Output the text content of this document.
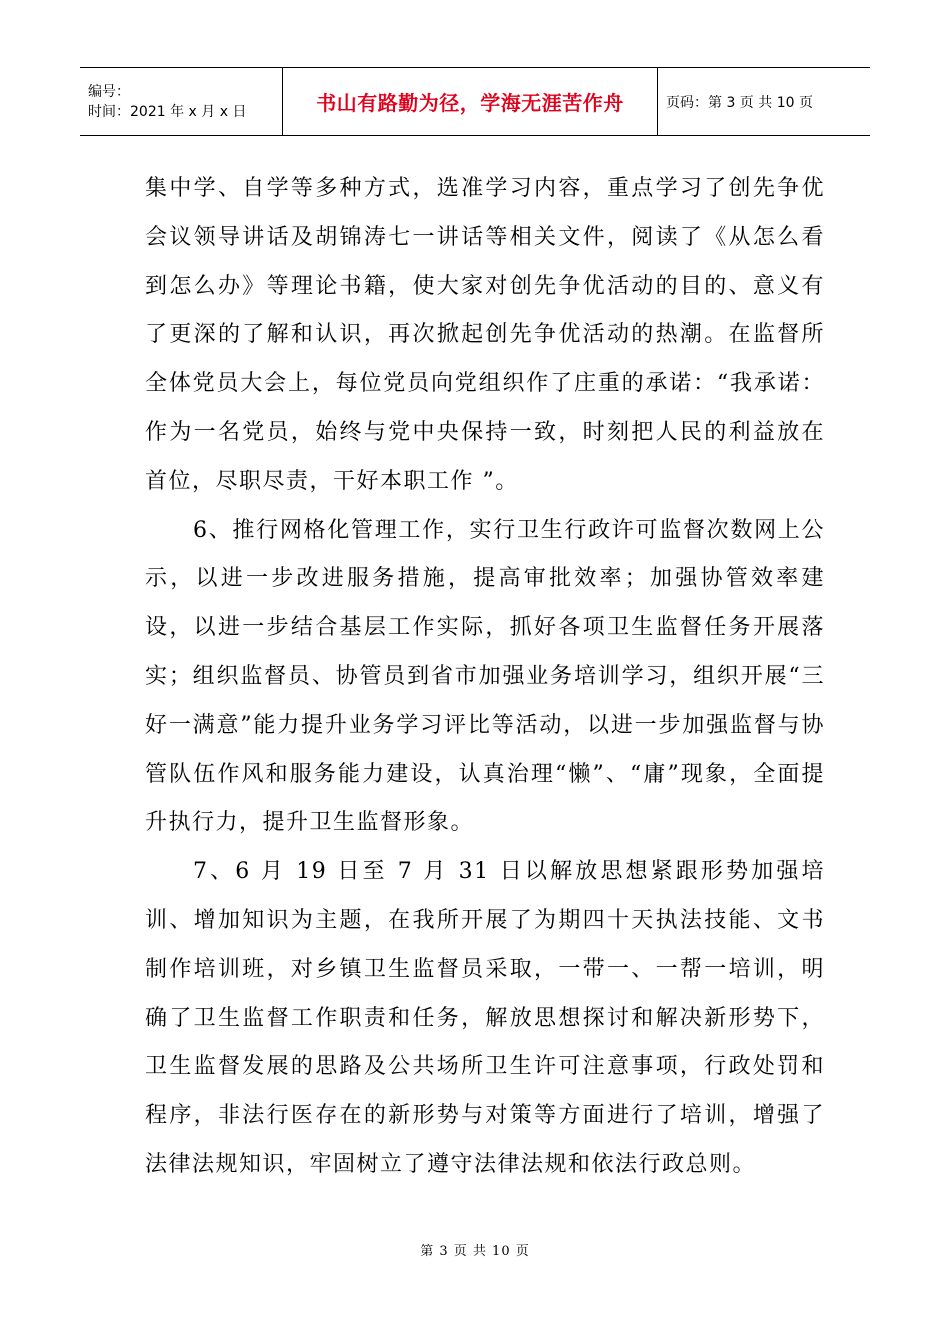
编号：
时间：2021 年 x 月 x 日	书山有路勤为径，学海无涯苦作舟	页码：第 3 页 共 10 页

集中学、自学等多种方式，选准学习内容，重点学习了创先争优会议领导讲话及胡锦涛七一讲话等相关文件，阅读了《从怎么看到怎么办》等理论书籍，使大家对创先争优活动的目的、意义有了更深的了解和认识，再次掀起创先争优活动的热潮。在监督所全体党员大会上，每位党员向党组织作了庄重的承诺：“我承诺：作为一名党员，始终与党中央保持一致，时刻把人民的利益放在首位，尽职尽责，干好本职工作 ”。

6、推行网格化管理工作，实行卫生行政许可监督次数网上公示，以进一步改进服务措施，提高审批效率；加强协管效率建设，以进一步结合基层工作实际，抓好各项卫生监督任务开展落实；组织监督员、协管员到省市加强业务培训学习，组织开展“三好一满意”能力提升业务学习评比等活动，以进一步加强监督与协管队伍作风和服务能力建设，认真治理“懒”、“庸”现象，全面提升执行力，提升卫生监督形象。

7、6 月 19 日至 7 月 31 日以解放思想紧跟形势加强培训、增加知识为主题，在我所开展了为期四十天执法技能、文书制作培训班，对乡镇卫生监督员采取，一带一、一帮一培训，明确了卫生监督工作职责和任务，解放思想探讨和解决新形势下，卫生监督发展的思路及公共场所卫生许可注意事项，行政处罚和程序，非法行医存在的新形势与对策等方面进行了培训，增强了法律法规知识，牢固树立了遵守法律法规和依法行政总则。

第 3 页 共 10 页
